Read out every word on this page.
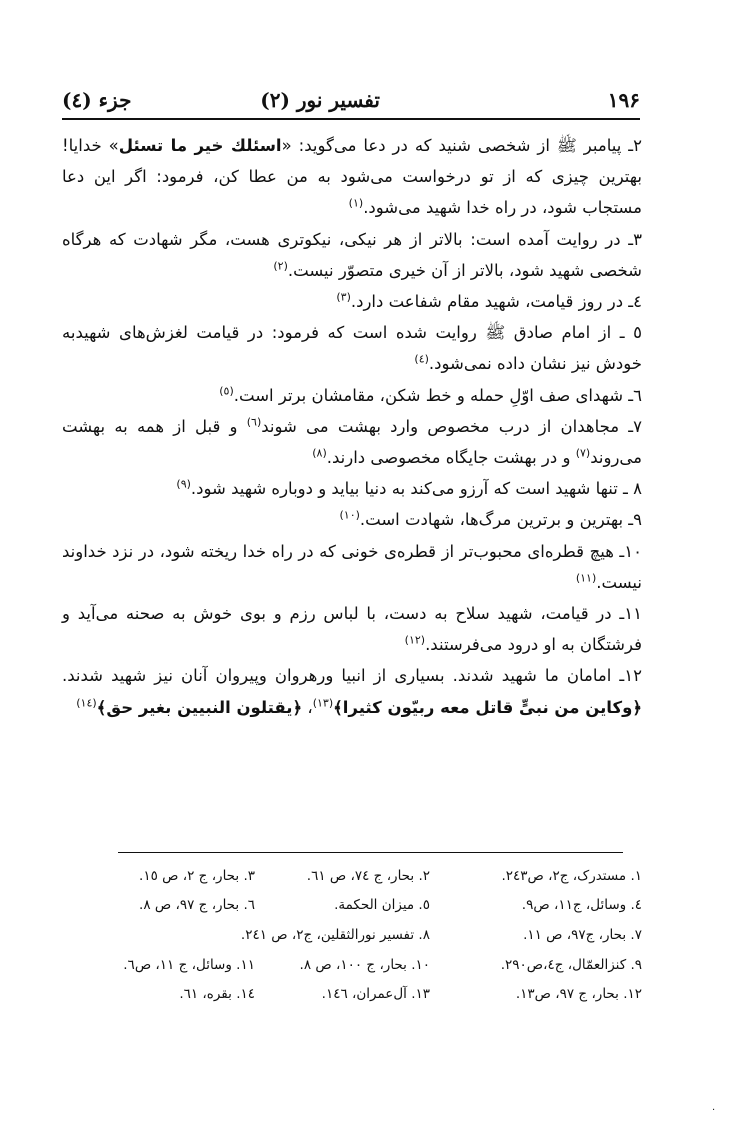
۱۹۶
تفسیر نور (۲)
جزء (٤)

۲ـ پیامبر ﷺ از شخصی شنید که در دعا می‌گوید: «اسئلك خیر ما تسئل» خدایا! بهترین چیزی که از تو درخواست می‌شود به من عطا کن، فرمود: اگر این دعا مستجاب شود، در راه خدا شهید می‌شود.$^{(۱)}$

۳ـ در روایت آمده است: بالاتر از هر نیکی، نیکوتری هست، مگر شهادت که هرگاه شخصی شهید شود، بالاتر از آن خیری متصوّر نیست.$^{(۲)}$

٤ـ در روز قیامت، شهید مقام شفاعت دارد.$^{(۳)}$

٥ ـ از امام صادق ﷺ روایت شده است که فرمود: در قیامت لغزش‌های شهیدبه خودش نیز نشان داده نمی‌شود.$^{(٤)}$

٦ـ شهدای صف اوّلِ حمله و خط شکن، مقامشان برتر است.$^{(٥)}$

۷ـ مجاهدان از درب مخصوص وارد بهشت می شوند$^{(٦)}$ و قبل از همه به بهشت می‌روند$^{(۷)}$ و در بهشت جایگاه مخصوصی دارند.$^{(۸)}$

۸ ـ تنها شهید است که آرزو می‌کند به دنیا بیاید و دوباره شهید شود.$^{(۹)}$

۹ـ بهترین و برترین مرگ‌ها، شهادت است.$^{(۱۰)}$

۱۰ـ هیچ قطره‌ای محبوب‌تر از قطره‌ی خونی که در راه خدا ریخته شود، در نزد خداوند نیست.$^{(۱۱)}$

۱۱ـ در قیامت، شهید سلاح به دست، با لباس رزم و بوی خوش به صحنه می‌آید و فرشتگان به او درود می‌فرستند.$^{(۱۲)}$

۱۲ـ امامان ما شهید شدند. بسیاری از انبیا ورهروان وپیروان آنان نیز شهید شدند. ﴿وكاين من نبىٍّ قاتل معه ربيّون كثيرا﴾$^{(۱۳)}$، ﴿يقتلون النبيين بغير حق﴾$^{(١٤)}$

۱. مستدرک، ج۲، ص۲٤۳.
۲. بحار، ج ۷٤، ص ٦۱.
۳. بحار، ج ۲، ص ۱٥.
٤. وسائل، ج۱۱، ص۹.
٥. میزان الحکمة.
٦. بحار، ج ۹۷، ص ۸.
۷. بحار، ج۹۷، ص ۱۱.
۸. تفسیر نورالثقلین، ج۲، ص ۲٤۱.
۹. کنزالعمّال، ج٤،ص۲۹۰.
۱۰. بحار، ج ۱۰۰، ص ۸.
۱۱. وسائل، ج ۱۱، ص٦.
۱۲. بحار، ج ۹۷، ص۱۳.
۱۳. آل‌عمران، ۱٤٦.
١٤. بقره، ٦۱.
·
